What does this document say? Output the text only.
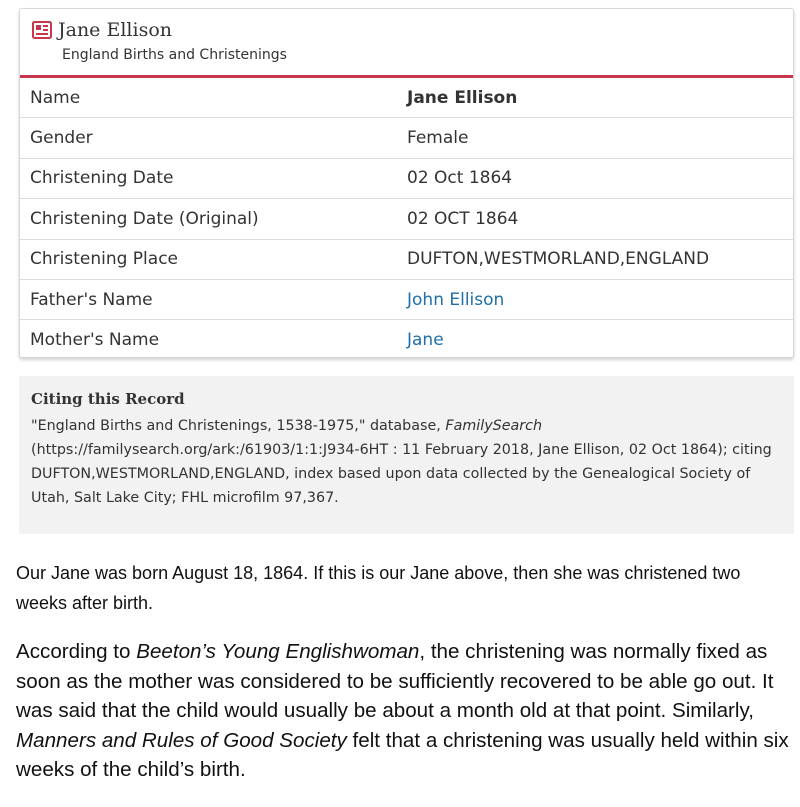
Jane Ellison
England Births and Christenings
Name	Jane Ellison
Gender	Female
Christening Date	02 Oct 1864
Christening Date (Original)	02 OCT 1864
Christening Place	DUFTON,WESTMORLAND,ENGLAND
Father's Name	John Ellison
Mother's Name	Jane
Citing this Record
"England Births and Christenings, 1538-1975," database, FamilySearch (https://familysearch.org/ark:/61903/1:1:J934-6HT : 11 February 2018, Jane Ellison, 02 Oct 1864); citing DUFTON,WESTMORLAND,ENGLAND, index based upon data collected by the Genealogical Society of Utah, Salt Lake City; FHL microfilm 97,367.
Our Jane was born August 18, 1864. If this is our Jane above, then she was christened two weeks after birth.
According to Beeton’s Young Englishwoman, the christening was normally fixed as soon as the mother was considered to be sufficiently recovered to be able go out. It was said that the child would usually be about a month old at that point. Similarly, Manners and Rules of Good Society felt that a christening was usually held within six weeks of the child’s birth.
